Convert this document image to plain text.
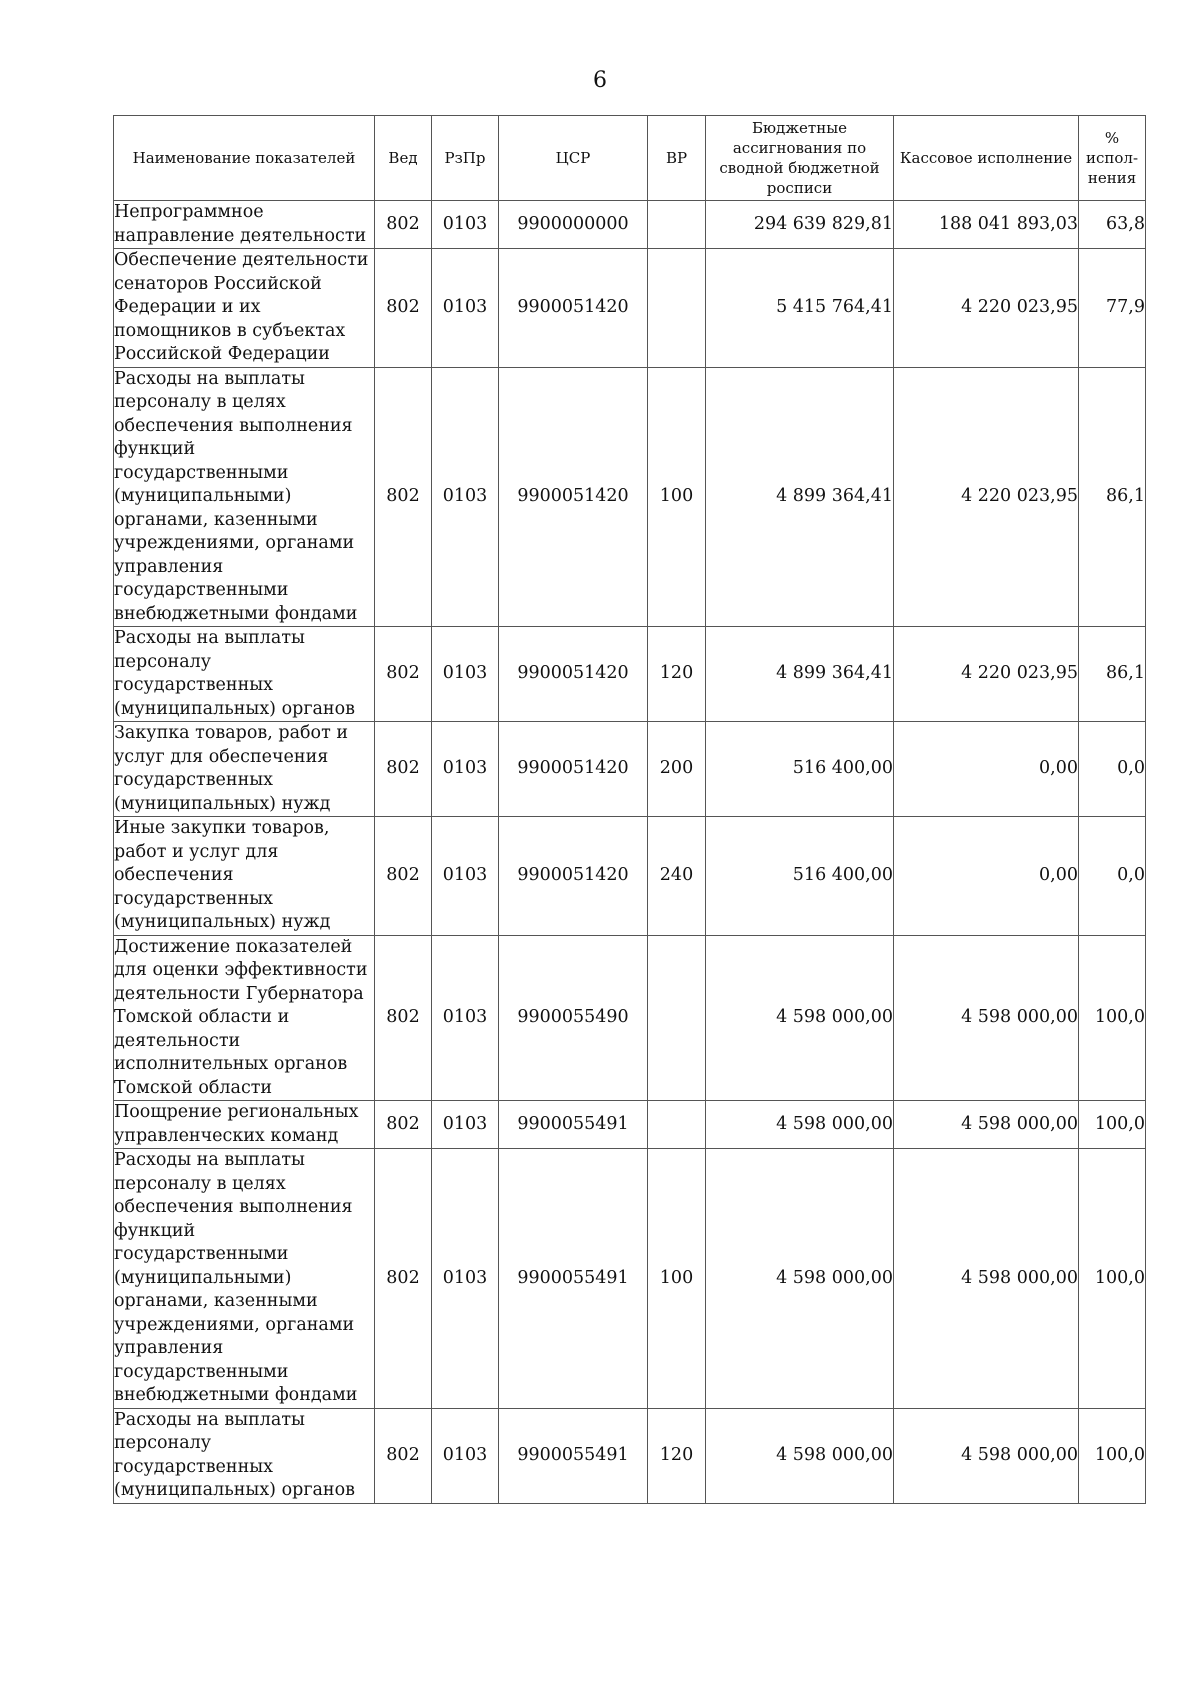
6
Наименование показателей	Вед	РзПр	ЦСР	ВР	Бюджетные ассигнования по сводной бюджетной росписи	Кассовое исполнение	% испол-нения
Непрограммное направление деятельности	802	0103	9900000000		294 639 829,81	188 041 893,03	63,8
Обеспечение деятельности сенаторов Российской Федерации и их помощников в субъектах Российской Федерации	802	0103	9900051420		5 415 764,41	4 220 023,95	77,9
Расходы на выплаты персоналу в целях обеспечения выполнения функций государственными (муниципальными) органами, казенными учреждениями, органами управления государственными внебюджетными фондами	802	0103	9900051420	100	4 899 364,41	4 220 023,95	86,1
Расходы на выплаты персоналу государственных (муниципальных) органов	802	0103	9900051420	120	4 899 364,41	4 220 023,95	86,1
Закупка товаров, работ и услуг для обеспечения государственных (муниципальных) нужд	802	0103	9900051420	200	516 400,00	0,00	0,0
Иные закупки товаров, работ и услуг для обеспечения государственных (муниципальных) нужд	802	0103	9900051420	240	516 400,00	0,00	0,0
Достижение показателей для оценки эффективности деятельности Губернатора Томской области и деятельности исполнительных органов Томской области	802	0103	9900055490		4 598 000,00	4 598 000,00	100,0
Поощрение региональных управленческих команд	802	0103	9900055491		4 598 000,00	4 598 000,00	100,0
Расходы на выплаты персоналу в целях обеспечения выполнения функций государственными (муниципальными) органами, казенными учреждениями, органами управления государственными внебюджетными фондами	802	0103	9900055491	100	4 598 000,00	4 598 000,00	100,0
Расходы на выплаты персоналу государственных (муниципальных) органов	802	0103	9900055491	120	4 598 000,00	4 598 000,00	100,0
